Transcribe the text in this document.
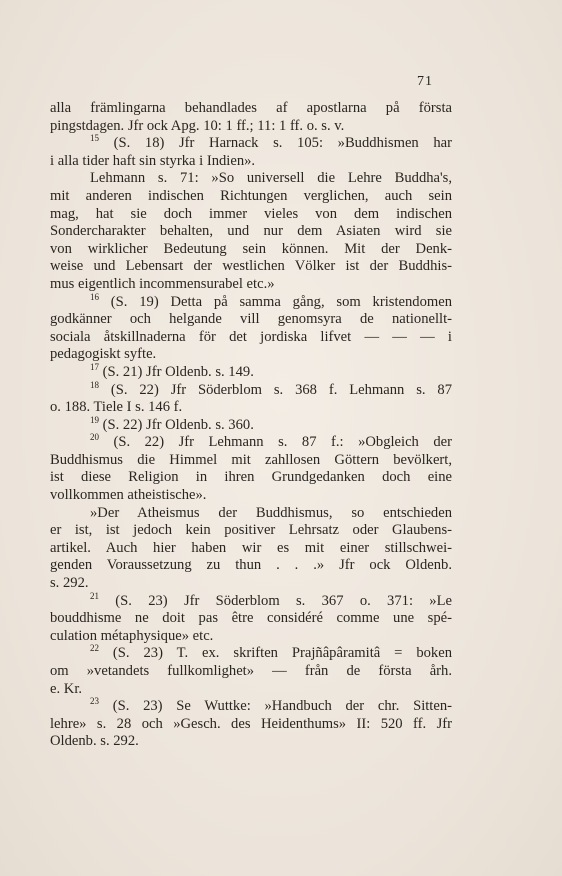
71
alla främlingarna behandlades af apostlarna på första
pingstdagen. Jfr ock Apg. 10: 1 ff.; 11: 1 ff. o. s. v.
$^{15}$ (S. 18) Jfr Harnack s. 105: »Buddhismen har
i alla tider haft sin styrka i Indien».
Lehmann s. 71: »So universell die Lehre Buddha's,
mit anderen indischen Richtungen verglichen, auch sein
mag, hat sie doch immer vieles von dem indischen
Sondercharakter behalten, und nur dem Asiaten wird sie
von wirklicher Bedeutung sein können. Mit der Denk-
weise und Lebensart der westlichen Völker ist der Buddhis-
mus eigentlich incommensurabel etc.»
$^{16}$ (S. 19) Detta på samma gång, som kristendomen
godkänner och helgande vill genomsyra de nationellt-
sociala åtskillnaderna för det jordiska lifvet — — — i
pedagogiskt syfte.
$^{17}$ (S. 21) Jfr Oldenb. s. 149.
$^{18}$ (S. 22) Jfr Söderblom s. 368 f. Lehmann s. 87
o. 188. Tiele I s. 146 f.
$^{19}$ (S. 22) Jfr Oldenb. s. 360.
$^{20}$ (S. 22) Jfr Lehmann s. 87 f.: »Obgleich der
Buddhismus die Himmel mit zahllosen Göttern bevölkert,
ist diese Religion in ihren Grundgedanken doch eine
vollkommen atheistische».
»Der Atheismus der Buddhismus, so entschieden
er ist, ist jedoch kein positiver Lehrsatz oder Glaubens-
artikel. Auch hier haben wir es mit einer stillschwei-
genden Voraussetzung zu thun . . .» Jfr ock Oldenb.
s. 292.
$^{21}$ (S. 23) Jfr Söderblom s. 367 o. 371: »Le
bouddhisme ne doit pas être considéré comme une spé-
culation métaphysique» etc.
$^{22}$ (S. 23) T. ex. skriften Prajñâpâramitâ = boken
om »vetandets fullkomlighet» — från de första årh.
e. Kr.
$^{23}$ (S. 23) Se Wuttke: »Handbuch der chr. Sitten-
lehre» s. 28 och »Gesch. des Heidenthums» II: 520 ff. Jfr
Oldenb. s. 292.
